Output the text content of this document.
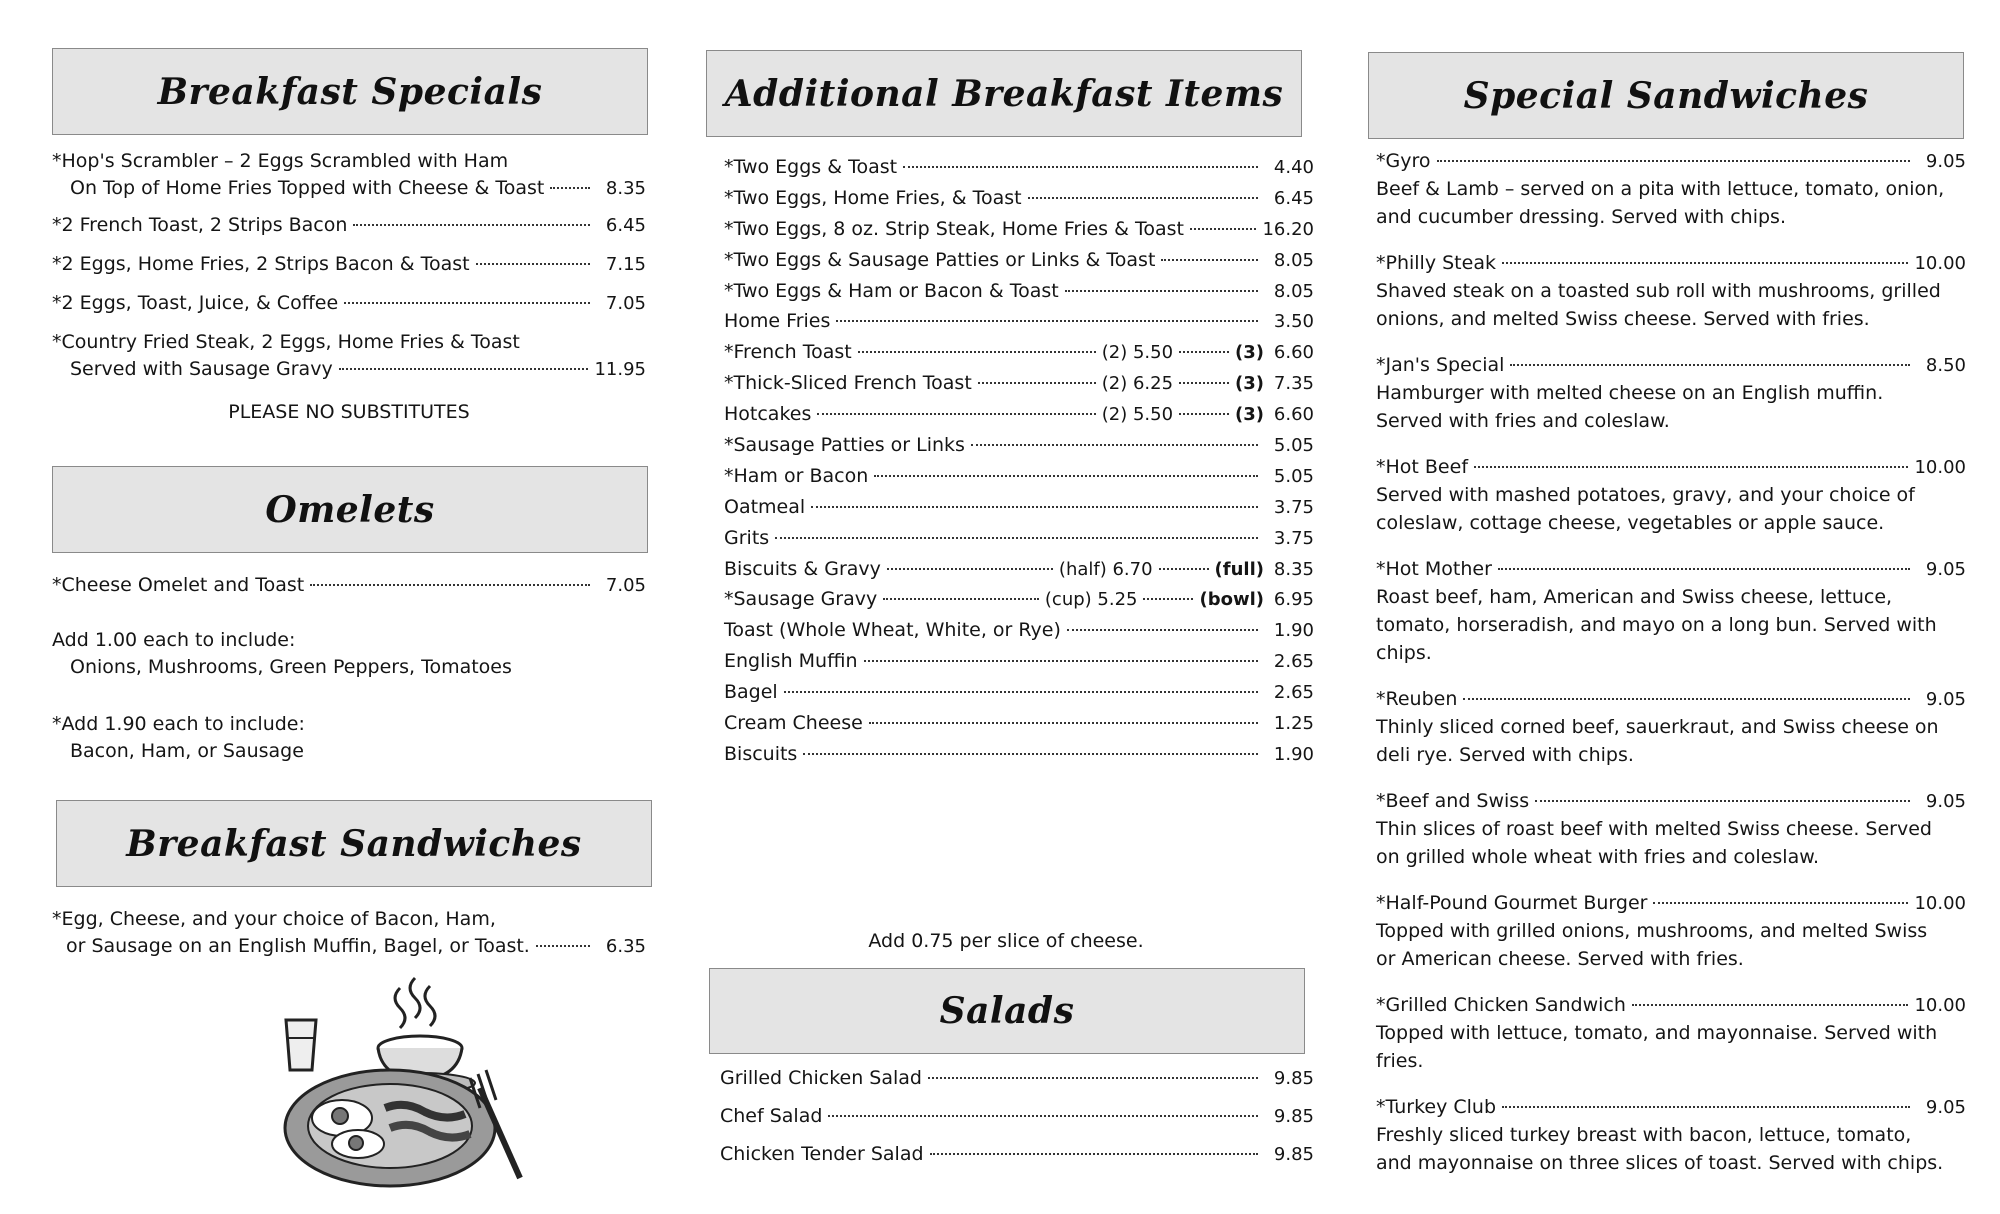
Breakfast Specials
*Hop's Scrambler – 2 Eggs Scrambled with Ham
On Top of Home Fries Topped with Cheese & Toast	8.35
*2 French Toast, 2 Strips Bacon	6.45
*2 Eggs, Home Fries, 2 Strips Bacon & Toast	7.15
*2 Eggs, Toast, Juice, & Coffee	7.05
*Country Fried Steak, 2 Eggs, Home Fries & Toast
Served with Sausage Gravy	11.95
PLEASE NO SUBSTITUTES
Omelets
*Cheese Omelet and Toast	7.05
Add 1.00 each to include:
Onions, Mushrooms, Green Peppers, Tomatoes
*Add 1.90 each to include:
Bacon, Ham, or Sausage
Breakfast Sandwiches
*Egg, Cheese, and your choice of Bacon, Ham,
or Sausage on an English Muffin, Bagel, or Toast.	6.35
Additional Breakfast Items
*Two Eggs & Toast	4.40
*Two Eggs, Home Fries, & Toast	6.45
*Two Eggs, 8 oz. Strip Steak, Home Fries & Toast	16.20
*Two Eggs & Sausage Patties or Links & Toast	8.05
*Two Eggs & Ham or Bacon & Toast	8.05
Home Fries	3.50
*French Toast	(2) 5.50	(3) 6.60
*Thick-Sliced French Toast	(2) 6.25	(3) 7.35
Hotcakes	(2) 5.50	(3) 6.60
*Sausage Patties or Links	5.05
*Ham or Bacon	5.05
Oatmeal	3.75
Grits	3.75
Biscuits & Gravy	(half) 6.70	(full) 8.35
*Sausage Gravy	(cup) 5.25	(bowl) 6.95
Toast (Whole Wheat, White, or Rye)	1.90
English Muffin	2.65
Bagel	2.65
Cream Cheese	1.25
Biscuits	1.90
Add 0.75 per slice of cheese.
Salads
Grilled Chicken Salad	9.85
Chef Salad	9.85
Chicken Tender Salad	9.85
Special Sandwiches
*Gyro	9.05
Beef & Lamb – served on a pita with lettuce, tomato, onion, and cucumber dressing. Served with chips.
*Philly Steak	10.00
Shaved steak on a toasted sub roll with mushrooms, grilled onions, and melted Swiss cheese. Served with fries.
*Jan's Special	8.50
Hamburger with melted cheese on an English muffin. Served with fries and coleslaw.
*Hot Beef	10.00
Served with mashed potatoes, gravy, and your choice of coleslaw, cottage cheese, vegetables or apple sauce.
*Hot Mother	9.05
Roast beef, ham, American and Swiss cheese, lettuce, tomato, horseradish, and mayo on a long bun. Served with chips.
*Reuben	9.05
Thinly sliced corned beef, sauerkraut, and Swiss cheese on deli rye. Served with chips.
*Beef and Swiss	9.05
Thin slices of roast beef with melted Swiss cheese. Served on grilled whole wheat with fries and coleslaw.
*Half-Pound Gourmet Burger	10.00
Topped with grilled onions, mushrooms, and melted Swiss or American cheese. Served with fries.
*Grilled Chicken Sandwich	10.00
Topped with lettuce, tomato, and mayonnaise. Served with fries.
*Turkey Club	9.05
Freshly sliced turkey breast with bacon, lettuce, tomato, and mayonnaise on three slices of toast. Served with chips.
